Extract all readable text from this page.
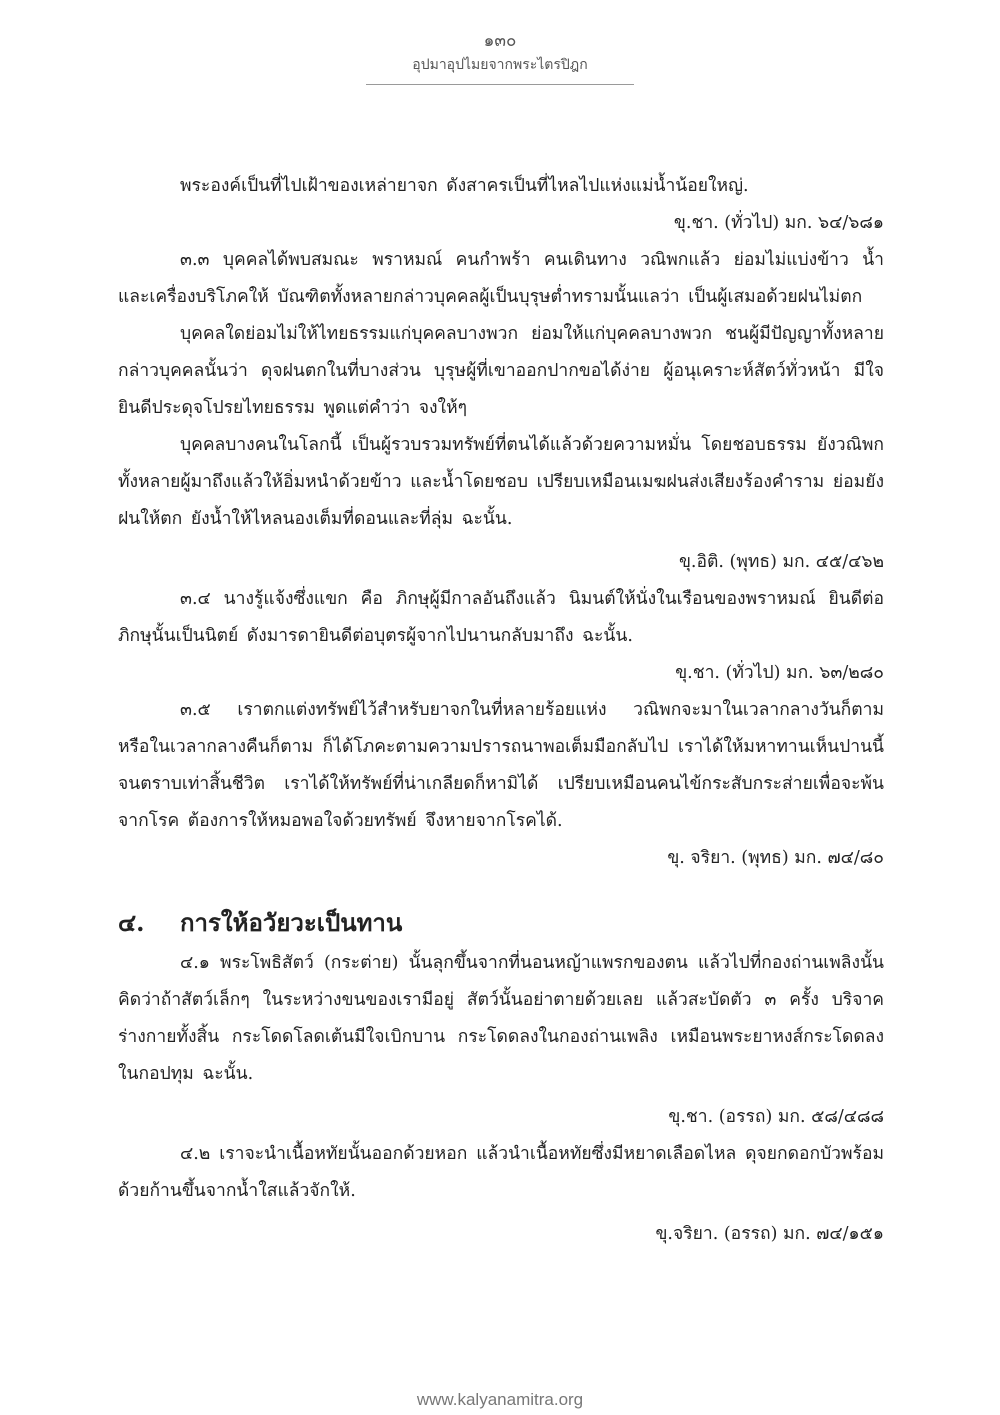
๑๓๐
อุปมาอุปไมยจากพระไตรปิฎก

พระองค์เป็นที่ไปเฝ้าของเหล่ายาจก ดังสาครเป็นที่ไหลไปแห่งแม่น้ำน้อยใหญ่.

ขุ.ชา. (ทั่วไป) มก. ๖๔/๖๘๑

๓.๓ บุคคลได้พบสมณะ พราหมณ์ คนกำพร้า คนเดินทาง วณิพกแล้ว ย่อมไม่แบ่งข้าว น้ำ และเครื่องบริโภคให้ บัณฑิตทั้งหลายกล่าวบุคคลผู้เป็นบุรุษต่ำทรามนั้นแลว่า เป็นผู้เสมอด้วยฝนไม่ตก

บุคคลใดย่อมไม่ให้ไทยธรรมแก่บุคคลบางพวก ย่อมให้แก่บุคคลบางพวก ชนผู้มีปัญญาทั้งหลายกล่าวบุคคลนั้นว่า ดุจฝนตกในที่บางส่วน บุรุษผู้ที่เขาออกปากขอได้ง่าย ผู้อนุเคราะห์สัตว์ทั่วหน้า มีใจยินดีประดุจโปรยไทยธรรม พูดแต่คำว่า จงให้ๆ

บุคคลบางคนในโลกนี้ เป็นผู้รวบรวมทรัพย์ที่ตนได้แล้วด้วยความหมั่น โดยชอบธรรม ยังวณิพกทั้งหลายผู้มาถึงแล้วให้อิ่มหนำด้วยข้าว และน้ำโดยชอบ เปรียบเหมือนเมฆฝนส่งเสียงร้องคำราม ย่อมยังฝนให้ตก ยังน้ำให้ไหลนองเต็มที่ดอนและที่ลุ่ม ฉะนั้น.

ขุ.อิติ. (พุทธ) มก. ๔๕/๔๖๒

๓.๔ นางรู้แจ้งซึ่งแขก คือ ภิกษุผู้มีกาลอันถึงแล้ว นิมนต์ให้นั่งในเรือนของพราหมณ์ ยินดีต่อภิกษุนั้นเป็นนิตย์ ดังมารดายินดีต่อบุตรผู้จากไปนานกลับมาถึง ฉะนั้น.

ขุ.ชา. (ทั่วไป) มก. ๖๓/๒๘๐

๓.๕ เราตกแต่งทรัพย์ไว้สำหรับยาจกในที่หลายร้อยแห่ง วณิพกจะมาในเวลากลางวันก็ตาม หรือในเวลากลางคืนก็ตาม ก็ได้โภคะตามความปรารถนาพอเต็มมือกลับไป เราได้ให้มหาทานเห็นปานนี้ จนตราบเท่าสิ้นชีวิต เราได้ให้ทรัพย์ที่น่าเกลียดก็หามิได้ เปรียบเหมือนคนไข้กระสับกระส่ายเพื่อจะพ้นจากโรค ต้องการให้หมอพอใจด้วยทรัพย์ จึงหายจากโรคได้.

ขุ. จริยา. (พุทธ) มก. ๗๔/๘๐
๔.	การให้อวัยวะเป็นทาน

๔.๑ พระโพธิสัตว์ (กระต่าย) นั้นลุกขึ้นจากที่นอนหญ้าแพรกของตน แล้วไปที่กองถ่านเพลิงนั้น คิดว่าถ้าสัตว์เล็กๆ ในระหว่างขนของเรามีอยู่ สัตว์นั้นอย่าตายด้วยเลย แล้วสะบัดตัว ๓ ครั้ง บริจาคร่างกายทั้งสิ้น กระโดดโลดเต้นมีใจเบิกบาน กระโดดลงในกองถ่านเพลิง เหมือนพระยาหงส์กระโดดลงในกอปทุม ฉะนั้น.

ขุ.ชา. (อรรถ) มก. ๕๘/๔๘๘

๔.๒ เราจะนำเนื้อหทัยนั้นออกด้วยหอก แล้วนำเนื้อหทัยซึ่งมีหยาดเลือดไหล ดุจยกดอกบัวพร้อมด้วยก้านขึ้นจากน้ำใสแล้วจักให้.

ขุ.จริยา. (อรรถ) มก. ๗๔/๑๕๑
www.kalyanamitra.org
